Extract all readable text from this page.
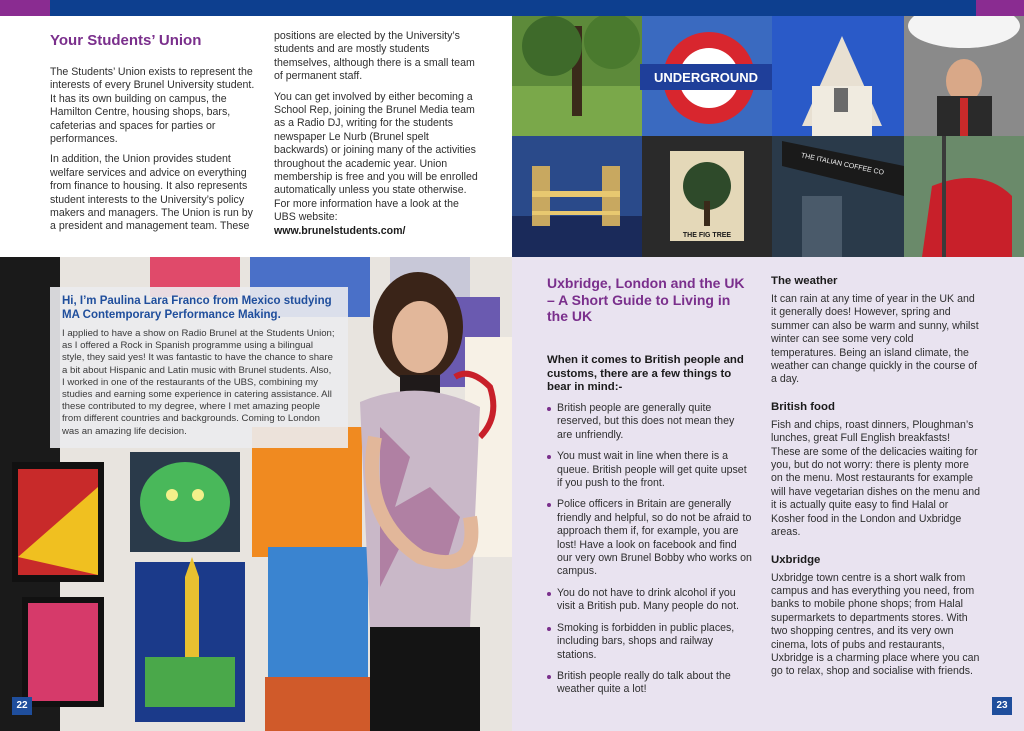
Your Students’ Union

The Students’ Union exists to represent the interests of every Brunel University student. It has its own building on campus, the Hamilton Centre, housing shops, bars, cafeterias and spaces for parties or performances.

In addition, the Union provides student welfare services and advice on everything from finance to housing. It also represents student interests to the University’s policy makers and managers. The Union is run by a president and management team. These

positions are elected by the University’s students and are mostly students themselves, although there is a small team of permanent staff.

You can get involved by either becoming a School Rep, joining the Brunel Media team as a Radio DJ, writing for the students newspaper Le Nurb (Brunel spelt backwards) or joining many of the activities throughout the academic year. Union membership is free and you will be enrolled automatically unless you state otherwise. For more information have a look at the UBS website:
www.brunelstudents.com/

Hi, I’m Paulina Lara Franco from Mexico studying MA Contemporary Performance Making.
I applied to have a show on Radio Brunel at the Students Union; as I offered a Rock in Spanish programme using a bilingual style, they said yes! It was fantastic to have the chance to share a bit about Hispanic and Latin music with Brunel students. Also, I worked in one of the restaurants of the UBS, combining my studies and earning some experience in catering assistance. All these contributed to my degree, where I met amazing people from different countries and backgrounds. Coming to London was an amazing life decision.
22
UNDERGROUND
THE FIG TREE
THE ITALIAN COFFEE CO
Uxbridge, London and the UK – A Short Guide to Living in the UK
When it comes to British people and customs, there are a few things to bear in mind:-
British people are generally quite reserved, but this does not mean they are unfriendly.
You must wait in line when there is a queue. British people will get quite upset if you push to the front.
Police officers in Britain are generally friendly and helpful, so do not be afraid to approach them if, for example, you are lost! Have a look on facebook and find our very own Brunel Bobby who works on campus.
You do not have to drink alcohol if you visit a British pub. Many people do not.
Smoking is forbidden in public places, including bars, shops and railway stations.
British people really do talk about the weather quite a lot!
The weather

It can rain at any time of year in the UK and it generally does! However, spring and summer can also be warm and sunny, whilst winter can see some very cold temperatures. Being an island climate, the weather can change quickly in the course of a day.

British food

Fish and chips, roast dinners, Ploughman’s lunches, great Full English breakfasts! These are some of the delicacies waiting for you, but do not worry: there is plenty more on the menu. Most restaurants for example will have vegetarian dishes on the menu and it is actually quite easy to find Halal or Kosher food in the London and Uxbridge areas.

Uxbridge

Uxbridge town centre is a short walk from campus and has everything you need, from banks to mobile phone shops; from Halal supermarkets to departments stores. With two shopping centres, and its very own cinema, lots of pubs and restaurants, Uxbridge is a charming place where you can go to relax, shop and socialise with friends.

23
